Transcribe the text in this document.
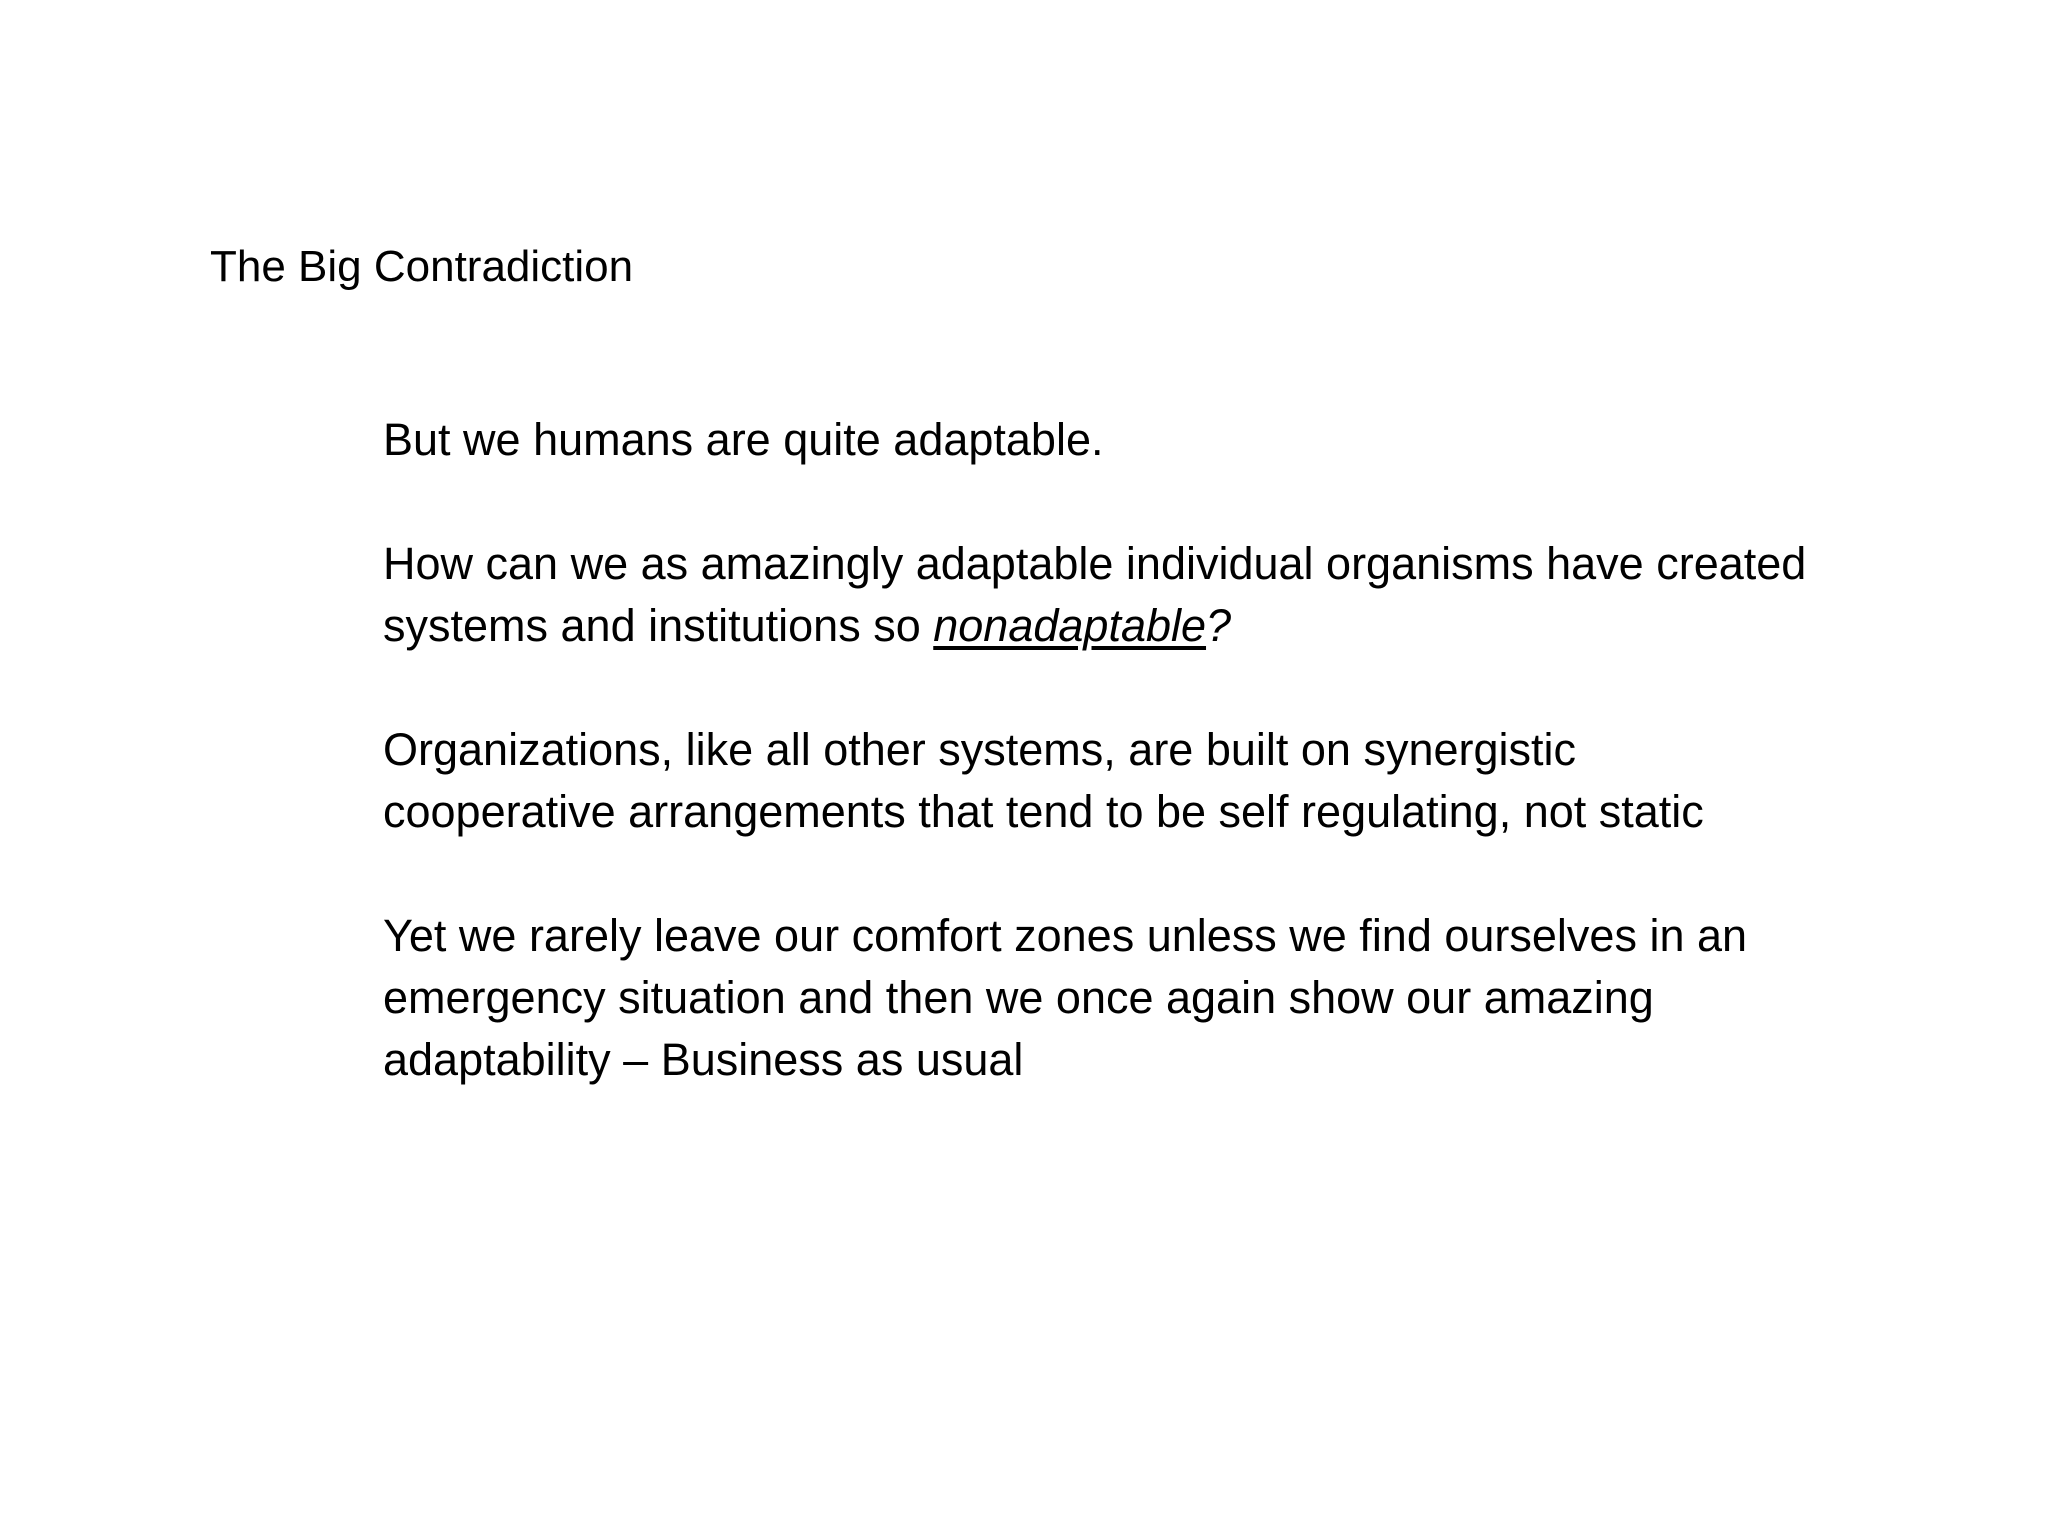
The Big Contradiction

But we humans are quite adaptable.

How can we as amazingly adaptable individual organisms have created
systems and institutions so nonadaptable?

Organizations, like all other systems, are built on synergistic
cooperative arrangements that tend to be self regulating, not static

Yet we rarely leave our comfort zones unless we find ourselves in an
emergency situation and then we once again show our amazing
adaptability – Business as usual
